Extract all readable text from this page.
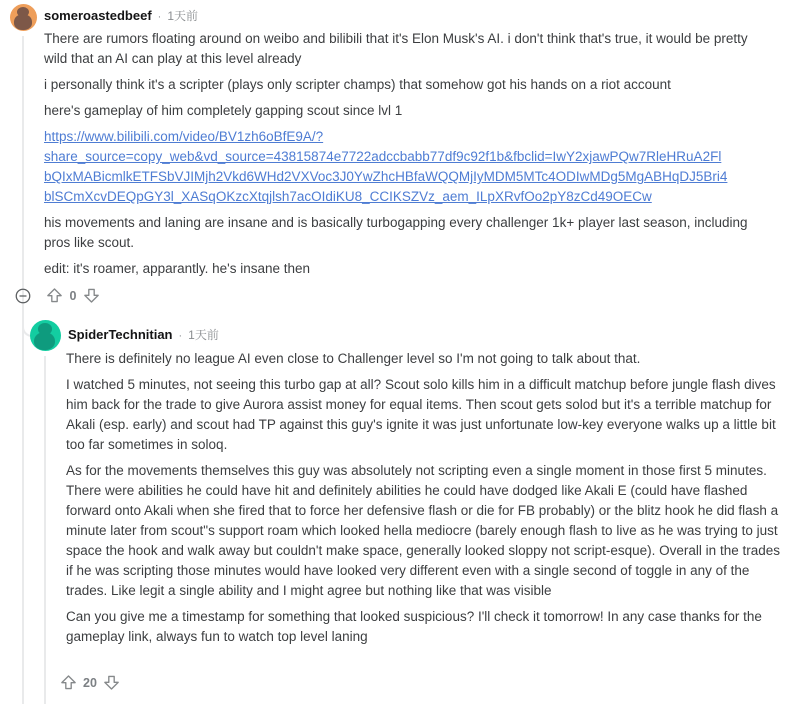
someroastedbeef · 1天前

There are rumors floating around on weibo and bilibili that it's Elon Musk's AI. i don't think that's true, it would be pretty wild that an AI can play at this level already

i personally think it's a scripter (plays only scripter champs) that somehow got his hands on a riot account

here's gameplay of him completely gapping scout since lvl 1

https://www.bilibili.com/video/BV1zh6oBfE9A/?
share_source=copy_web&vd_source=43815874e7722adccbabb77df9c92f1b&fbclid=IwY2xjawPQw7RleHRuA2Fl
bQIxMABicmlkETFSbVJIMjh2Vkd6WHd2VXVoc3J0YwZhcHBfaWQQMjIyMDM5MTc4ODIwMDg5MgABHqDJ5Bri4
blSCmXcvDEQpGY3l_XASqOKzcXtqjlsh7acOIdiKU8_CCIKSZVz_aem_ILpXRvfOo2pY8zCd49OECw

his movements and laning are insane and is basically turbogapping every challenger 1k+ player last season, including pros like scout.

edit: it's roamer, apparantly. he's insane then

0
SpiderTechnitian · 1天前

There is definitely no league AI even close to Challenger level so I'm not going to talk about that.

I watched 5 minutes, not seeing this turbo gap at all? Scout solo kills him in a difficult matchup before jungle flash dives him back for the trade to give Aurora assist money for equal items. Then scout gets solod but it's a terrible matchup for Akali (esp. early) and scout had TP against this guy's ignite it was just unfortunate low-key everyone walks up a little bit too far sometimes in soloq.

As for the movements themselves this guy was absolutely not scripting even a single moment in those first 5 minutes. There were abilities he could have hit and definitely abilities he could have dodged like Akali E (could have flashed forward onto Akali when she fired that to force her defensive flash or die for FB probably) or the blitz hook he did flash a minute later from scout"s support roam which looked hella mediocre (barely enough flash to live as he was trying to just space the hook and walk away but couldn't make space, generally looked sloppy not script-esque). Overall in the trades if he was scripting those minutes would have looked very different even with a single second of toggle in any of the trades. Like legit a single ability and I might agree but nothing like that was visible

Can you give me a timestamp for something that looked suspicious? I'll check it tomorrow! In any case thanks for the gameplay link, always fun to watch top level laning

20
